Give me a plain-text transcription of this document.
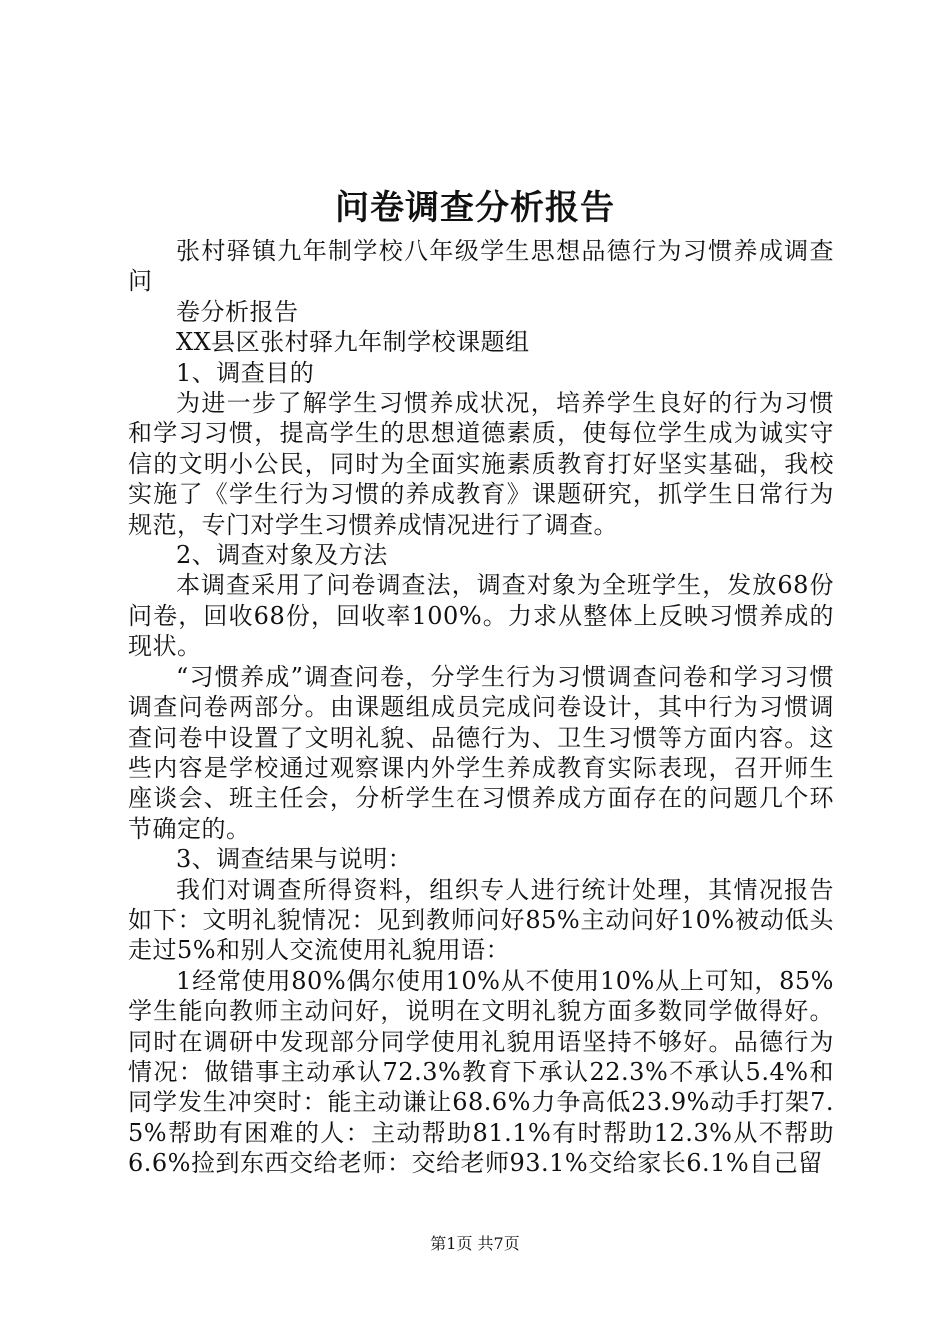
问卷调查分析报告

张村驿镇九年制学校八年级学生思想品德行为习惯养成调查问

卷分析报告

XX县区张村驿九年制学校课题组

1、调查目的

为进一步了解学生习惯养成状况，培养学生良好的行为习惯和学习习惯，提高学生的思想道德素质，使每位学生成为诚实守信的文明小公民，同时为全面实施素质教育打好坚实基础，我校实施了《学生行为习惯的养成教育》课题研究，抓学生日常行为规范，专门对学生习惯养成情况进行了调查。

2、调查对象及方法

本调查采用了问卷调查法，调查对象为全班学生，发放68份问卷，回收68份，回收率100%。力求从整体上反映习惯养成的现状。

“习惯养成”调查问卷，分学生行为习惯调查问卷和学习习惯调查问卷两部分。由课题组成员完成问卷设计，其中行为习惯调查问卷中设置了文明礼貌、品德行为、卫生习惯等方面内容。这些内容是学校通过观察课内外学生养成教育实际表现，召开师生座谈会、班主任会，分析学生在习惯养成方面存在的问题几个环节确定的。

3、调查结果与说明：

我们对调查所得资料，组织专人进行统计处理，其情况报告如下：文明礼貌情况：见到教师问好85%主动问好10%被动低头走过5%和别人交流使用礼貌用语：

1经常使用80%偶尔使用10%从不使用10%从上可知，85%学生能向教师主动问好，说明在文明礼貌方面多数同学做得好。同时在调研中发现部分同学使用礼貌用语坚持不够好。品德行为情况：做错事主动承认72.3%教育下承认22.3%不承认5.4%和同学发生冲突时：能主动谦让68.6%力争高低23.9%动手打架7.5%帮助有困难的人：主动帮助81.1%有时帮助12.3%从不帮助6.6%捡到东西交给老师：交给老师93.1%交给家长6.1%自己留

第1页 共7页
